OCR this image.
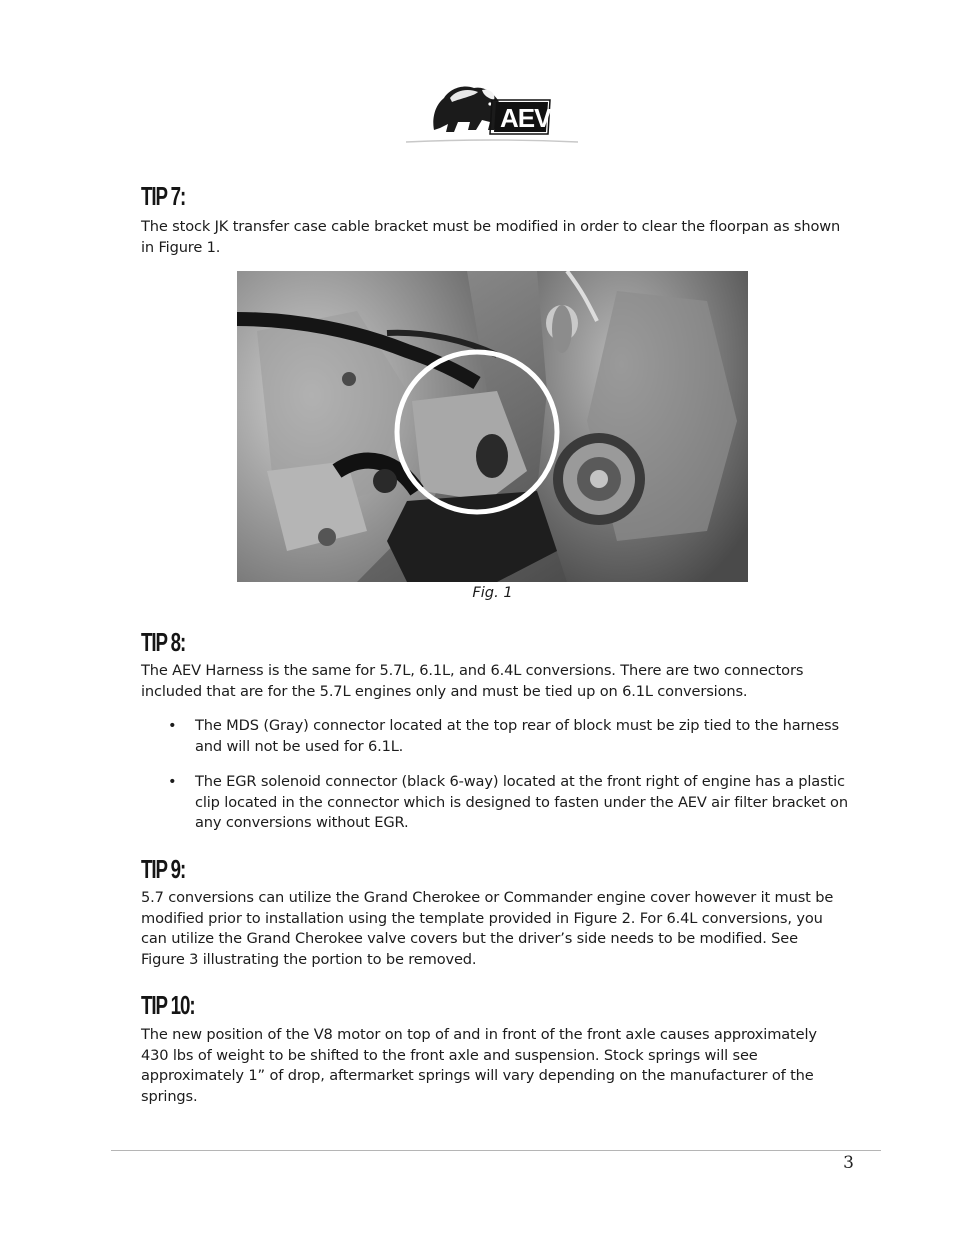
AEV
TIP 7:

The stock JK transfer case cable bracket must be modified in order to clear the floorpan as shown in Figure 1.

Fig. 1
TIP 8:

The AEV Harness is the same for 5.7L, 6.1L, and 6.4L conversions. There are two connectors included that are for the 5.7L engines only and must be tied up on 6.1L conversions.

•	The MDS (Gray) connector located at the top rear of block must be zip tied to the harness and will not be used for 6.1L.
•	The EGR solenoid connector (black 6-way) located at the front right of engine has a plastic clip located in the connector which is designed to fasten under the AEV air filter bracket on any conversions without EGR.
TIP 9:

5.7 conversions can utilize the Grand Cherokee or Commander engine cover however it must be modified prior to installation using the template provided in Figure 2. For 6.4L conversions, you can utilize the Grand Cherokee valve covers but the driver’s side needs to be modified. See Figure 3 illustrating the portion to be removed.

TIP 10:

The new position of the V8 motor on top of and in front of the front axle causes approximately 430 lbs of weight to be shifted to the front axle and suspension. Stock springs will see approximately 1” of drop, aftermarket springs will vary depending on the manufacturer of the springs.

3
